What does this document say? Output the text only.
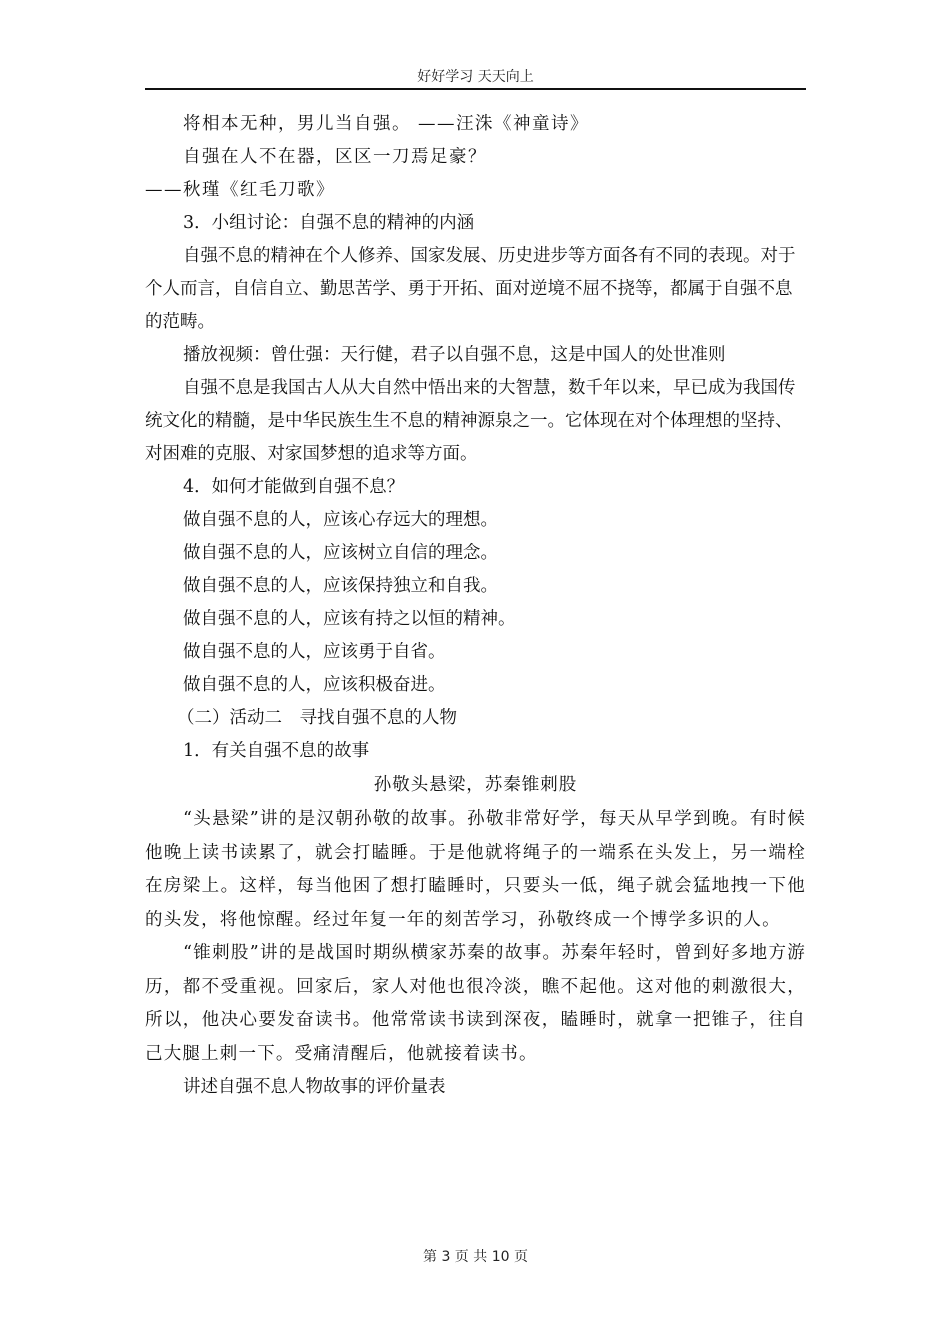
好好学习 天天向上
将相本无种，男儿当自强。 ——汪洙《神童诗》
自强在人不在器，区区一刀焉足豪？
——秋瑾《红毛刀歌》
3．小组讨论：自强不息的精神的内涵

自强不息的精神在个人修养、国家发展、历史进步等方面各有不同的表现。对于个人而言，自信自立、勤思苦学、勇于开拓、面对逆境不屈不挠等，都属于自强不息的范畴。

播放视频：曾仕强：天行健，君子以自强不息，这是中国人的处世准则

自强不息是我国古人从大自然中悟出来的大智慧，数千年以来，早已成为我国传统文化的精髓，是中华民族生生不息的精神源泉之一。它体现在对个体理想的坚持、对困难的克服、对家国梦想的追求等方面。

4．如何才能做到自强不息？
做自强不息的人，应该心存远大的理想。
做自强不息的人，应该树立自信的理念。
做自强不息的人，应该保持独立和自我。
做自强不息的人，应该有持之以恒的精神。
做自强不息的人，应该勇于自省。
做自强不息的人，应该积极奋进。
（二）活动二　寻找自强不息的人物
1．有关自强不息的故事
孙敬头悬梁，苏秦锥刺股

“头悬梁”讲的是汉朝孙敬的故事。孙敬非常好学，每天从早学到晚。有时候他晚上读书读累了，就会打瞌睡。于是他就将绳子的一端系在头发上，另一端栓在房梁上。这样，每当他困了想打瞌睡时，只要头一低，绳子就会猛地拽一下他的头发，将他惊醒。经过年复一年的刻苦学习，孙敬终成一个博学多识的人。

“锥刺股”讲的是战国时期纵横家苏秦的故事。苏秦年轻时，曾到好多地方游历，都不受重视。回家后，家人对他也很冷淡，瞧不起他。这对他的刺激很大，所以，他决心要发奋读书。他常常读书读到深夜，瞌睡时，就拿一把锥子，往自己大腿上刺一下。受痛清醒后，他就接着读书。

讲述自强不息人物故事的评价量表
第 3 页 共 10 页
